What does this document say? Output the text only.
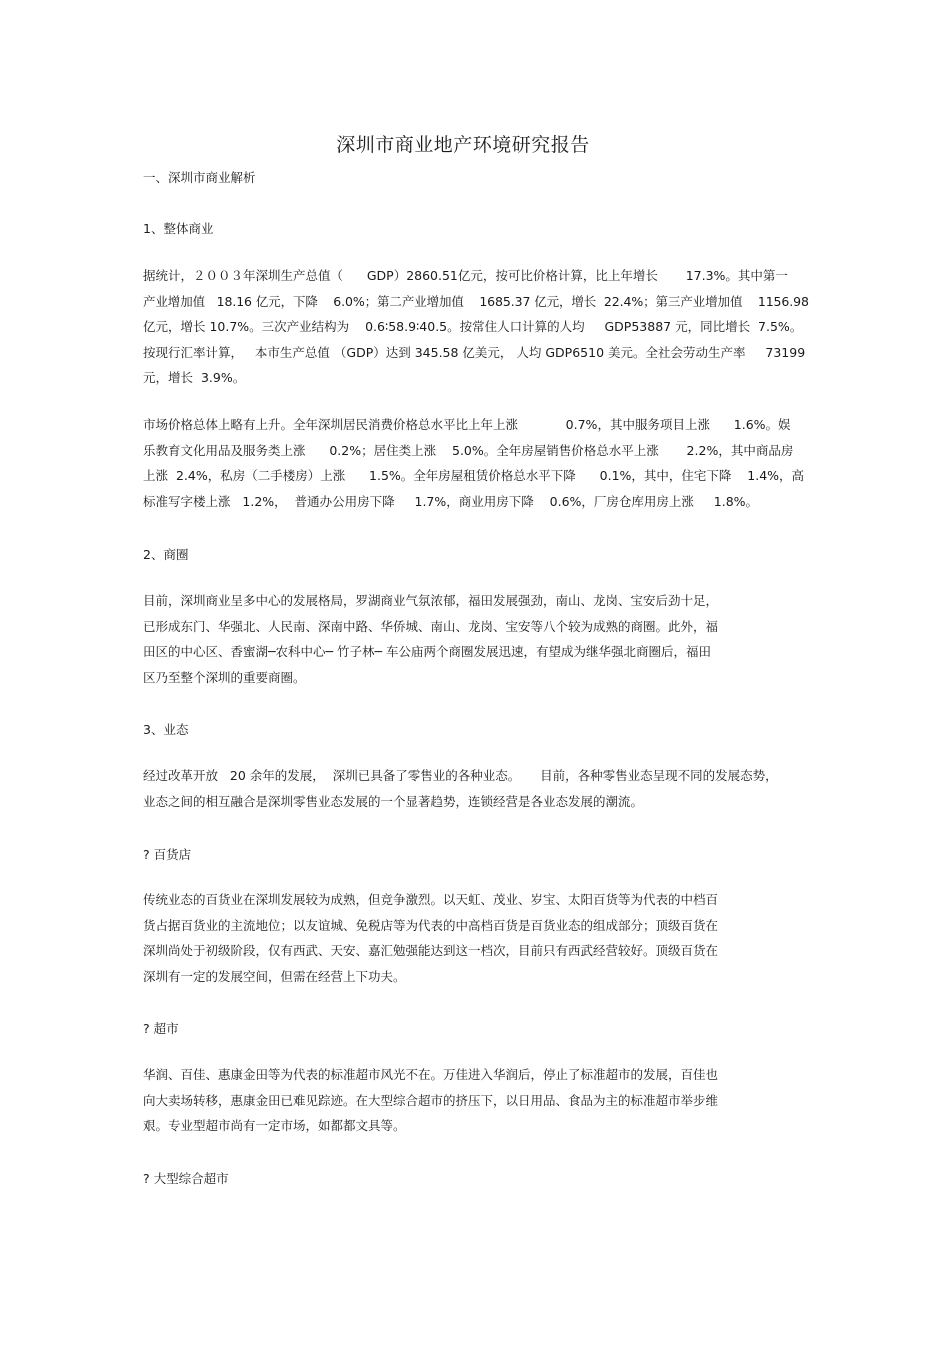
深圳市商业地产环境研究报告
一、深圳市商业解析
1、整体商业
据统计，２００３年深圳生产总值（      GDP）2860.51亿元，按可比价格计算，比上年增长       17.3%。其中第一
产业增加值   18.16 亿元，下降    6.0%；第二产业增加值    1685.37 亿元，增长  22.4%；第三产业增加值    1156.98
亿元，增长 10.7%。三次产业结构为    0.6∶58.9∶40.5。按常住人口计算的人均     GDP53887 元，同比增长  7.5%。
按现行汇率计算，   本市生产总值 （GDP）达到 345.58 亿美元， 人均 GDP6510 美元。全社会劳动生产率     73199
元，增长  3.9%。
市场价格总体上略有上升。全年深圳居民消费价格总水平比上年上涨            0.7%，其中服务项目上涨      1.6%。娱
乐教育文化用品及服务类上涨      0.2%；居住类上涨    5.0%。全年房屋销售价格总水平上涨       2.2%，其中商品房
上涨  2.4%，私房（二手楼房）上涨      1.5%。全年房屋租赁价格总水平下降      0.1%，其中，住宅下降    1.4%，高
标准写字楼上涨   1.2%，  普通办公用房下降     1.7%，商业用房下降    0.6%，厂房仓库用房上涨     1.8%。
2、商圈
目前，深圳商业呈多中心的发展格局，罗湖商业气氛浓郁，福田发展强劲，南山、龙岗、宝安后劲十足，
已形成东门、华强北、人民南、深南中路、华侨城、南山、龙岗、宝安等八个较为成熟的商圈。此外，福
田区的中心区、香蜜湖─农科中心─ 竹子林─ 车公庙两个商圈发展迅速，有望成为继华强北商圈后，福田
区乃至整个深圳的重要商圈。
3、业态
经过改革开放   20 余年的发展，  深圳已具备了零售业的各种业态。     目前，各种零售业态呈现不同的发展态势，
业态之间的相互融合是深圳零售业态发展的一个显著趋势，连锁经营是各业态发展的潮流。
? 百货店
传统业态的百货业在深圳发展较为成熟，但竞争激烈。以天虹、茂业、岁宝、太阳百货等为代表的中档百
货占据百货业的主流地位；以友谊城、免税店等为代表的中高档百货是百货业态的组成部分；顶级百货在
深圳尚处于初级阶段，仅有西武、天安、嘉汇勉强能达到这一档次，目前只有西武经营较好。顶级百货在
深圳有一定的发展空间，但需在经营上下功夫。
? 超市
华润、百佳、惠康金田等为代表的标准超市风光不在。万佳进入华润后，停止了标准超市的发展，百佳也
向大卖场转移，惠康金田已难见踪迹。在大型综合超市的挤压下，以日用品、食品为主的标准超市举步维
艰。专业型超市尚有一定市场，如都都文具等。
? 大型综合超市
